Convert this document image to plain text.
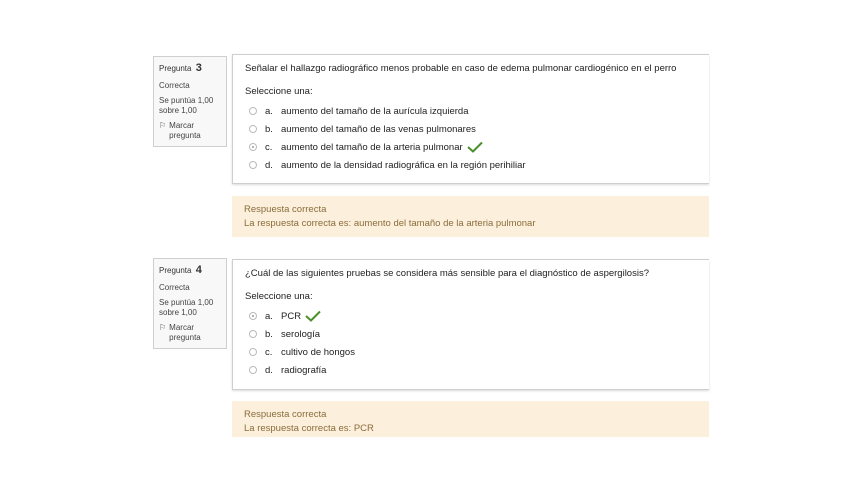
Pregunta 3
Correcta
Se puntúa 1,00 sobre 1,00
⚐ Marcar pregunta
Señalar el hallazgo radiográfico menos probable en caso de edema pulmonar cardiogénico en el perro
Seleccione una:
a. aumento del tamaño de la aurícula izquierda
b. aumento del tamaño de las venas pulmonares
c. aumento del tamaño de la arteria pulmonar
d. aumento de la densidad radiográfica en la región perihiliar
Respuesta correcta
La respuesta correcta es: aumento del tamaño de la arteria pulmonar
Pregunta 4
Correcta
Se puntúa 1,00 sobre 1,00
⚐ Marcar pregunta
¿Cuál de las siguientes pruebas se considera más sensible para el diagnóstico de aspergilosis?
Seleccione una:
a. PCR
b. serología
c. cultivo de hongos
d. radiografía
Respuesta correcta
La respuesta correcta es: PCR
